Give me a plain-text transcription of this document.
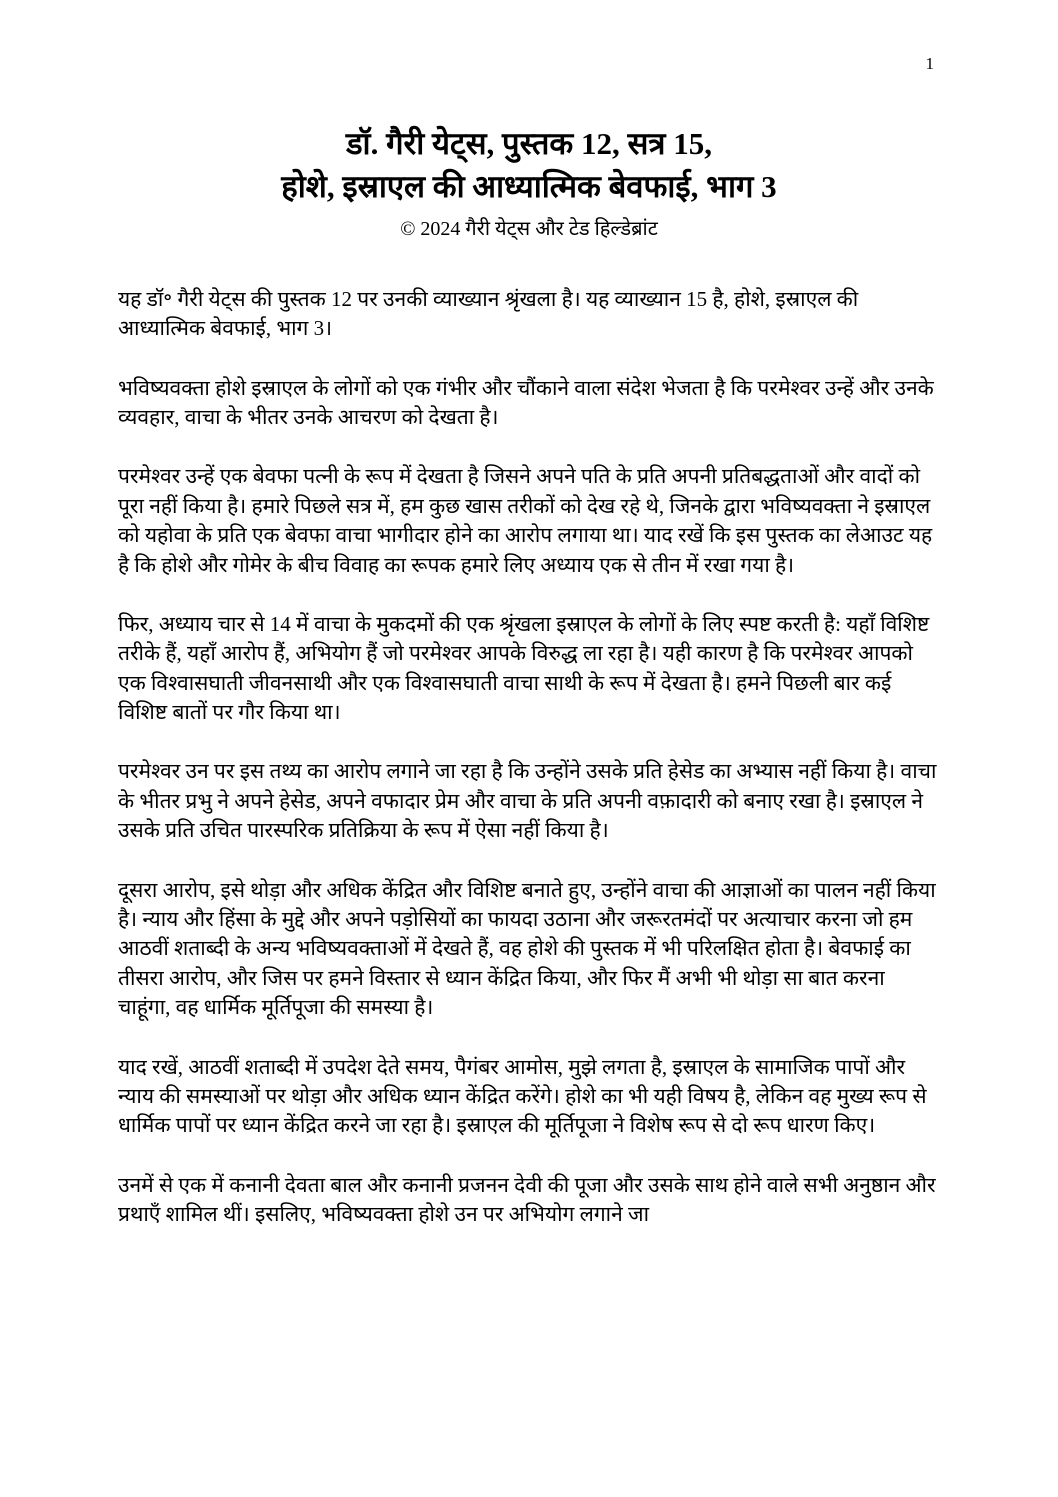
1
डॉ. गैरी येट्स, पुस्तक 12, सत्र 15,
होशे, इस्राएल की आध्यात्मिक बेवफाई, भाग 3
© 2024 गैरी येट्स और टेड हिल्डेब्रांट

यह डॉ॰ गैरी येट्स की पुस्तक 12 पर उनकी व्याख्यान श्रृंखला है। यह व्याख्यान 15 है, होशे, इस्राएल की आध्यात्मिक बेवफाई, भाग 3।

भविष्यवक्ता होशे इस्राएल के लोगों को एक गंभीर और चौंकाने वाला संदेश भेजता है कि परमेश्वर उन्हें और उनके व्यवहार, वाचा के भीतर उनके आचरण को देखता है।

परमेश्वर उन्हें एक बेवफा पत्नी के रूप में देखता है जिसने अपने पति के प्रति अपनी प्रतिबद्धताओं और वादों को पूरा नहीं किया है। हमारे पिछले सत्र में, हम कुछ खास तरीकों को देख रहे थे, जिनके द्वारा भविष्यवक्ता ने इस्राएल को यहोवा के प्रति एक बेवफा वाचा भागीदार होने का आरोप लगाया था। याद रखें कि इस पुस्तक का लेआउट यह है कि होशे और गोमेर के बीच विवाह का रूपक हमारे लिए अध्याय एक से तीन में रखा गया है।

फिर, अध्याय चार से 14 में वाचा के मुकदमों की एक श्रृंखला इस्राएल के लोगों के लिए स्पष्ट करती है: यहाँ विशिष्ट तरीके हैं, यहाँ आरोप हैं, अभियोग हैं जो परमेश्वर आपके विरुद्ध ला रहा है। यही कारण है कि परमेश्वर आपको एक विश्वासघाती जीवनसाथी और एक विश्वासघाती वाचा साथी के रूप में देखता है। हमने पिछली बार कई विशिष्ट बातों पर गौर किया था।

परमेश्वर उन पर इस तथ्य का आरोप लगाने जा रहा है कि उन्होंने उसके प्रति हेसेड का अभ्यास नहीं किया है। वाचा के भीतर प्रभु ने अपने हेसेड, अपने वफादार प्रेम और वाचा के प्रति अपनी वफ़ादारी को बनाए रखा है। इस्राएल ने उसके प्रति उचित पारस्परिक प्रतिक्रिया के रूप में ऐसा नहीं किया है।

दूसरा आरोप, इसे थोड़ा और अधिक केंद्रित और विशिष्ट बनाते हुए, उन्होंने वाचा की आज्ञाओं का पालन नहीं किया है। न्याय और हिंसा के मुद्दे और अपने पड़ोसियों का फायदा उठाना और जरूरतमंदों पर अत्याचार करना जो हम आठवीं शताब्दी के अन्य भविष्यवक्ताओं में देखते हैं, वह होशे की पुस्तक में भी परिलक्षित होता है। बेवफाई का तीसरा आरोप, और जिस पर हमने विस्तार से ध्यान केंद्रित किया, और फिर मैं अभी भी थोड़ा सा बात करना चाहूंगा, वह धार्मिक मूर्तिपूजा की समस्या है।

याद रखें, आठवीं शताब्दी में उपदेश देते समय, पैगंबर आमोस, मुझे लगता है, इस्राएल के सामाजिक पापों और न्याय की समस्याओं पर थोड़ा और अधिक ध्यान केंद्रित करेंगे। होशे का भी यही विषय है, लेकिन वह मुख्य रूप से धार्मिक पापों पर ध्यान केंद्रित करने जा रहा है। इस्राएल की मूर्तिपूजा ने विशेष रूप से दो रूप धारण किए।

उनमें से एक में कनानी देवता बाल और कनानी प्रजनन देवी की पूजा और उसके साथ होने वाले सभी अनुष्ठान और प्रथाएँ शामिल थीं। इसलिए, भविष्यवक्ता होशे उन पर अभियोग लगाने जा
